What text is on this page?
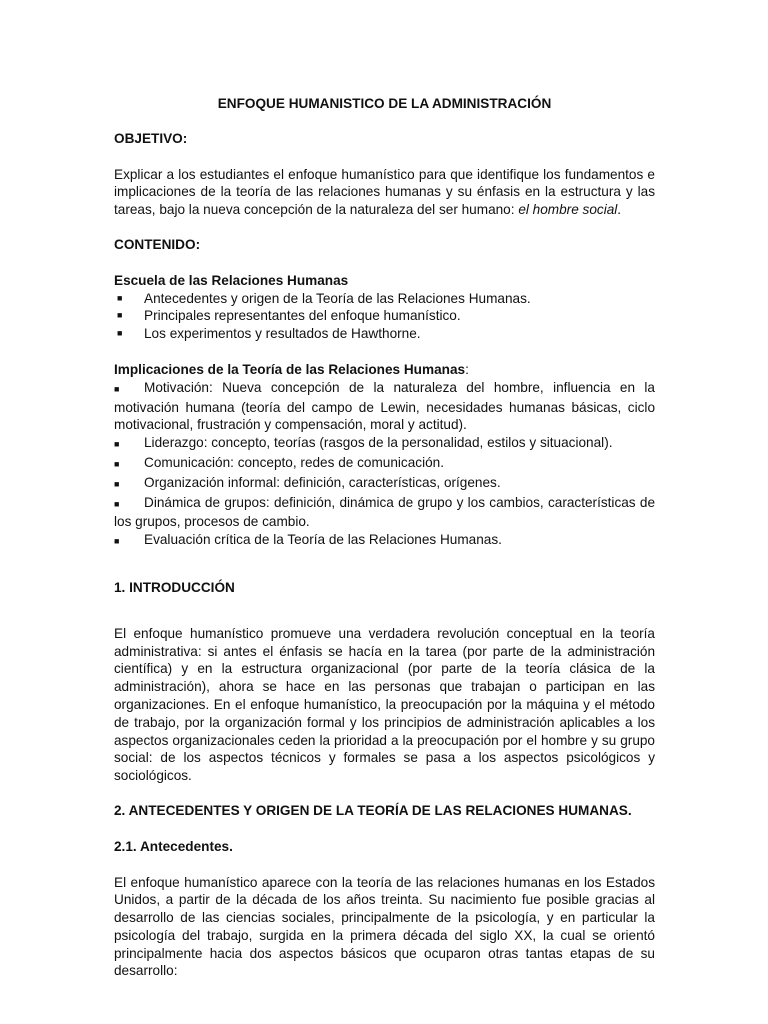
ENFOQUE HUMANISTICO DE LA ADMINISTRACIÓN

OBJETIVO:

Explicar a los estudiantes el enfoque humanístico para que identifique los fundamentos e implicaciones de la teoría de las relaciones humanas y su énfasis en la estructura y las tareas, bajo la nueva concepción de la naturaleza del ser humano: el hombre social.

CONTENIDO:

Escuela de las Relaciones Humanas

■ Antecedentes y origen de la Teoría de las Relaciones Humanas.
■ Principales representantes del enfoque humanístico.
■ Los experimentos y resultados de Hawthorne.

Implicaciones de la Teoría de las Relaciones Humanas:

■ Motivación: Nueva concepción de la naturaleza del hombre, influencia en la motivación humana (teoría del campo de Lewin, necesidades humanas básicas, ciclo motivacional, frustración y compensación, moral y actitud).
■ Liderazgo: concepto, teorías (rasgos de la personalidad, estilos y situacional).
■ Comunicación: concepto, redes de comunicación.
■ Organización informal: definición, características, orígenes.
■ Dinámica de grupos: definición, dinámica de grupo y los cambios, características de los grupos, procesos de cambio.
■ Evaluación crítica de la Teoría de las Relaciones Humanas.

1. INTRODUCCIÓN

El enfoque humanístico promueve una verdadera revolución conceptual en la teoría administrativa: si antes el énfasis se hacía en la tarea (por parte de la administración científica) y en la estructura organizacional (por parte de la teoría clásica de la administración), ahora se hace en las personas que trabajan o participan en las organizaciones. En el enfoque humanístico, la preocupación por la máquina y el método de trabajo, por la organización formal y los principios de administración aplicables a los aspectos organizacionales ceden la prioridad a la preocupación por el hombre y su grupo social: de los aspectos técnicos y formales se pasa a los aspectos psicológicos y sociológicos.

2. ANTECEDENTES Y ORIGEN DE LA TEORÍA DE LAS RELACIONES HUMANAS.

2.1. Antecedentes.

El enfoque humanístico aparece con la teoría de las relaciones humanas en los Estados Unidos, a partir de la década de los años treinta. Su nacimiento fue posible gracias al desarrollo de las ciencias sociales, principalmente de la psicología, y en particular la psicología del trabajo, surgida en la primera década del siglo XX, la cual se orientó principalmente hacia dos aspectos básicos que ocuparon otras tantas etapas de su desarrollo:
